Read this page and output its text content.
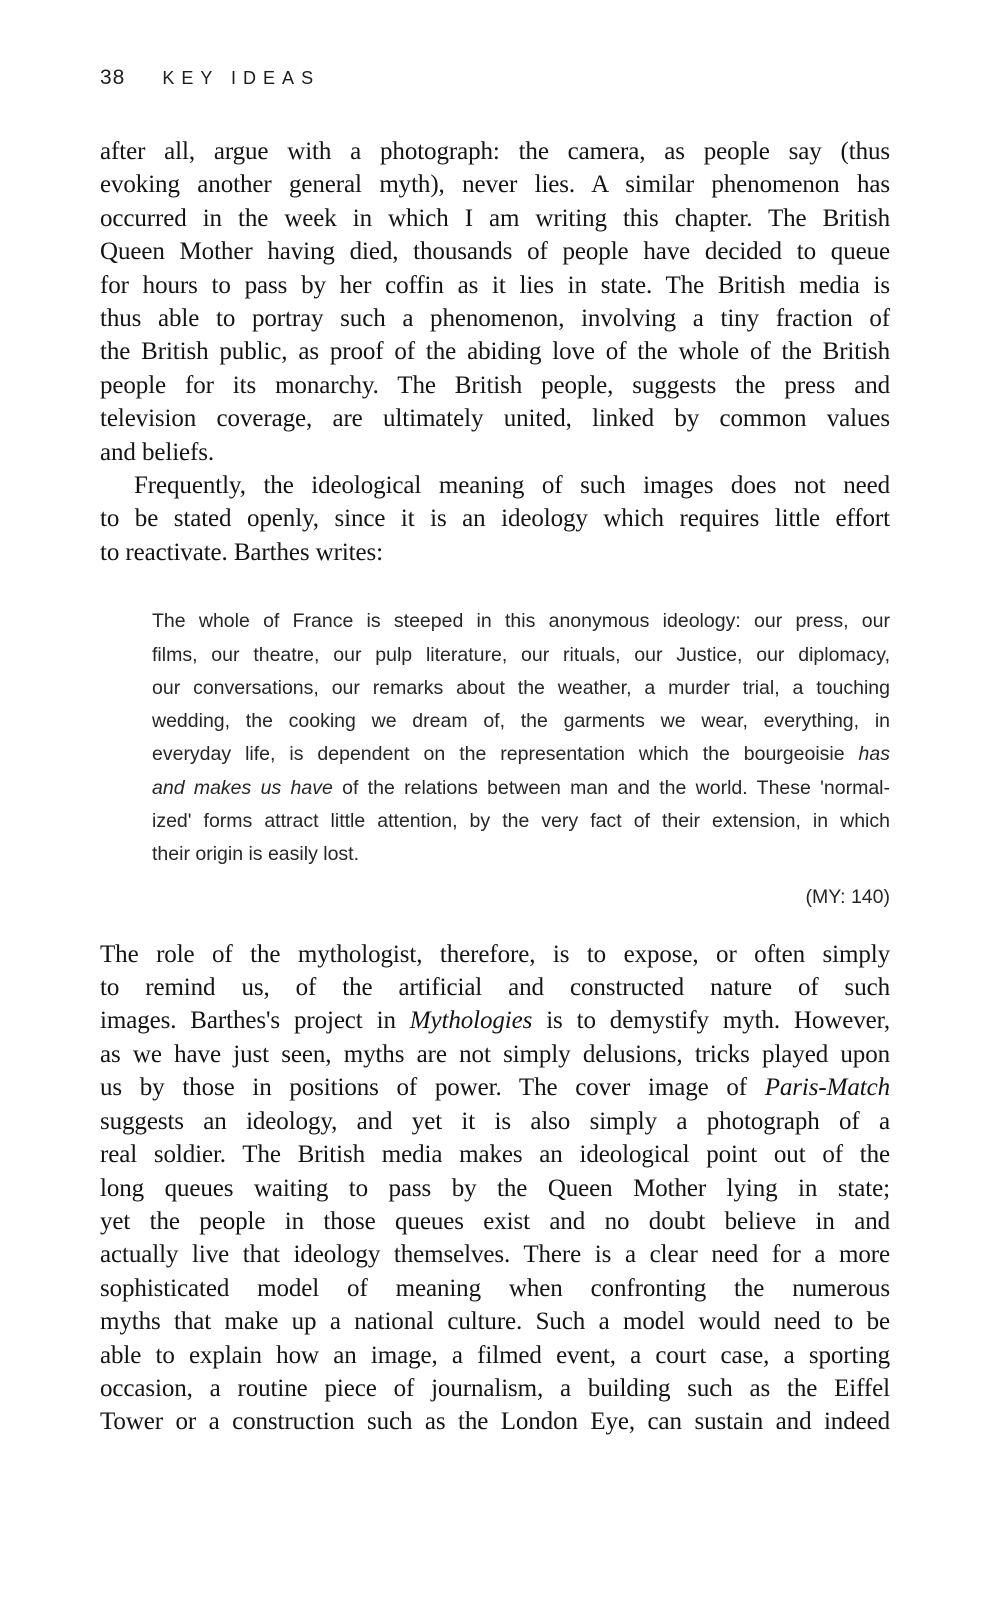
38 KEY IDEAS
after all, argue with a photograph: the camera, as people say (thus
evoking another general myth), never lies. A similar phenomenon has
occurred in the week in which I am writing this chapter. The British
Queen Mother having died, thousands of people have decided to queue
for hours to pass by her coffin as it lies in state. The British media is
thus able to portray such a phenomenon, involving a tiny fraction of
the British public, as proof of the abiding love of the whole of the British
people for its monarchy. The British people, suggests the press and
television coverage, are ultimately united, linked by common values
and beliefs.
Frequently, the ideological meaning of such images does not need
to be stated openly, since it is an ideology which requires little effort
to reactivate. Barthes writes:
The whole of France is steeped in this anonymous ideology: our press, our
films, our theatre, our pulp literature, our rituals, our Justice, our diplomacy,
our conversations, our remarks about the weather, a murder trial, a touching
wedding, the cooking we dream of, the garments we wear, everything, in
everyday life, is dependent on the representation which the bourgeoisie has
and makes us have of the relations between man and the world. These 'normal-
ized' forms attract little attention, by the very fact of their extension, in which
their origin is easily lost.
(MY: 140)
The role of the mythologist, therefore, is to expose, or often simply
to remind us, of the artificial and constructed nature of such
images. Barthes's project in Mythologies is to demystify myth. However,
as we have just seen, myths are not simply delusions, tricks played upon
us by those in positions of power. The cover image of Paris-Match
suggests an ideology, and yet it is also simply a photograph of a
real soldier. The British media makes an ideological point out of the
long queues waiting to pass by the Queen Mother lying in state;
yet the people in those queues exist and no doubt believe in and
actually live that ideology themselves. There is a clear need for a more
sophisticated model of meaning when confronting the numerous
myths that make up a national culture. Such a model would need to be
able to explain how an image, a filmed event, a court case, a sporting
occasion, a routine piece of journalism, a building such as the Eiffel
Tower or a construction such as the London Eye, can sustain and indeed
